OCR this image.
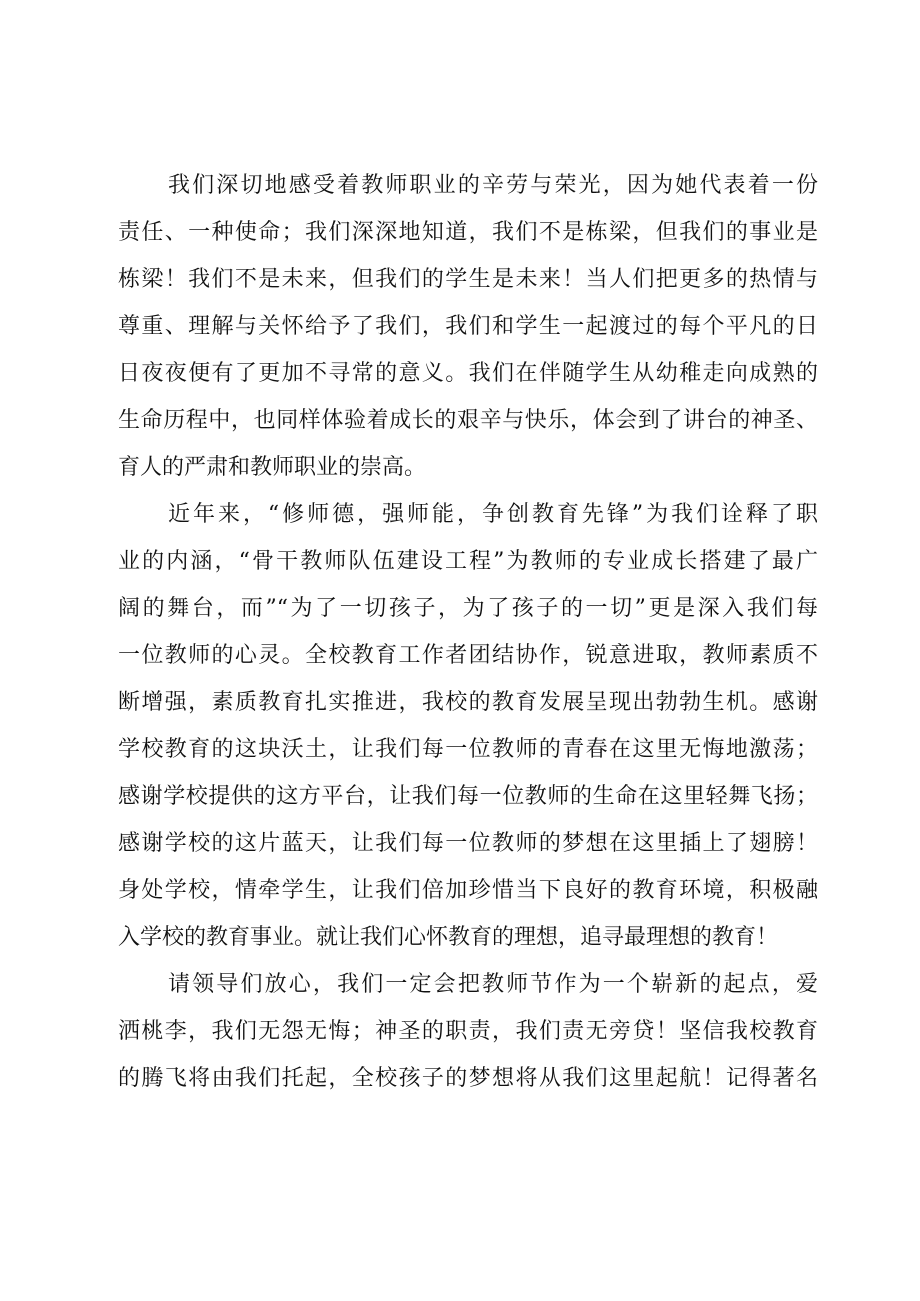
我们深切地感受着教师职业的辛劳与荣光，因为她代表着一份
责任、一种使命；我们深深地知道，我们不是栋梁，但我们的事业是
栋梁！我们不是未来，但我们的学生是未来！当人们把更多的热情与
尊重、理解与关怀给予了我们，我们和学生一起渡过的每个平凡的日
日夜夜便有了更加不寻常的意义。我们在伴随学生从幼稚走向成熟的
生命历程中，也同样体验着成长的艰辛与快乐，体会到了讲台的神圣、
育人的严肃和教师职业的崇高。
近年来，“修师德，强师能，争创教育先锋”为我们诠释了职
业的内涵，“骨干教师队伍建设工程”为教师的专业成长搭建了最广
阔的舞台，而”“为了一切孩子，为了孩子的一切”更是深入我们每
一位教师的心灵。全校教育工作者团结协作，锐意进取，教师素质不
断增强，素质教育扎实推进，我校的教育发展呈现出勃勃生机。感谢
学校教育的这块沃土，让我们每一位教师的青春在这里无悔地激荡；
感谢学校提供的这方平台，让我们每一位教师的生命在这里轻舞飞扬；
感谢学校的这片蓝天，让我们每一位教师的梦想在这里插上了翅膀！
身处学校，情牵学生，让我们倍加珍惜当下良好的教育环境，积极融
入学校的教育事业。就让我们心怀教育的理想，追寻最理想的教育！
请领导们放心，我们一定会把教师节作为一个崭新的起点，爱
洒桃李，我们无怨无悔；神圣的职责，我们责无旁贷！坚信我校教育
的腾飞将由我们托起，全校孩子的梦想将从我们这里起航！记得著名
